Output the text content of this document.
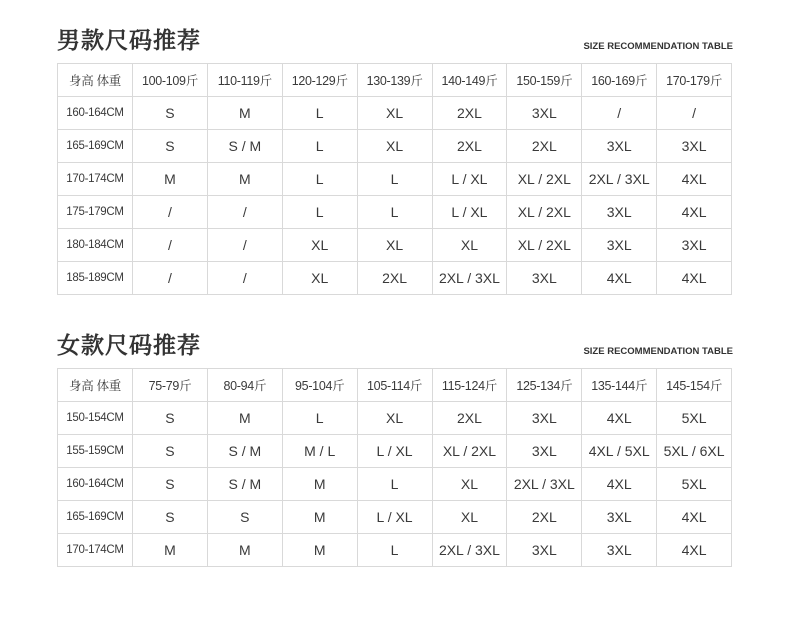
男款尺码推荐	SIZE RECOMMENDATION TABLE
身高 体重	100-109斤	110-119斤	120-129斤	130-139斤	140-149斤	150-159斤	160-169斤	170-179斤
160-164CM	S	M	L	XL	2XL	3XL	/	/
165-169CM	S	S / M	L	XL	2XL	2XL	3XL	3XL
170-174CM	M	M	L	L	L / XL	XL / 2XL	2XL / 3XL	4XL
175-179CM	/	/	L	L	L / XL	XL / 2XL	3XL	4XL
180-184CM	/	/	XL	XL	XL	XL / 2XL	3XL	3XL
185-189CM	/	/	XL	2XL	2XL / 3XL	3XL	4XL	4XL
女款尺码推荐	SIZE RECOMMENDATION TABLE
身高 体重	75-79斤	80-94斤	95-104斤	105-114斤	115-124斤	125-134斤	135-144斤	145-154斤
150-154CM	S	M	L	XL	2XL	3XL	4XL	5XL
155-159CM	S	S / M	M / L	L / XL	XL / 2XL	3XL	4XL / 5XL	5XL / 6XL
160-164CM	S	S / M	M	L	XL	2XL / 3XL	4XL	5XL
165-169CM	S	S	M	L / XL	XL	2XL	3XL	4XL
170-174CM	M	M	M	L	2XL / 3XL	3XL	3XL	4XL
